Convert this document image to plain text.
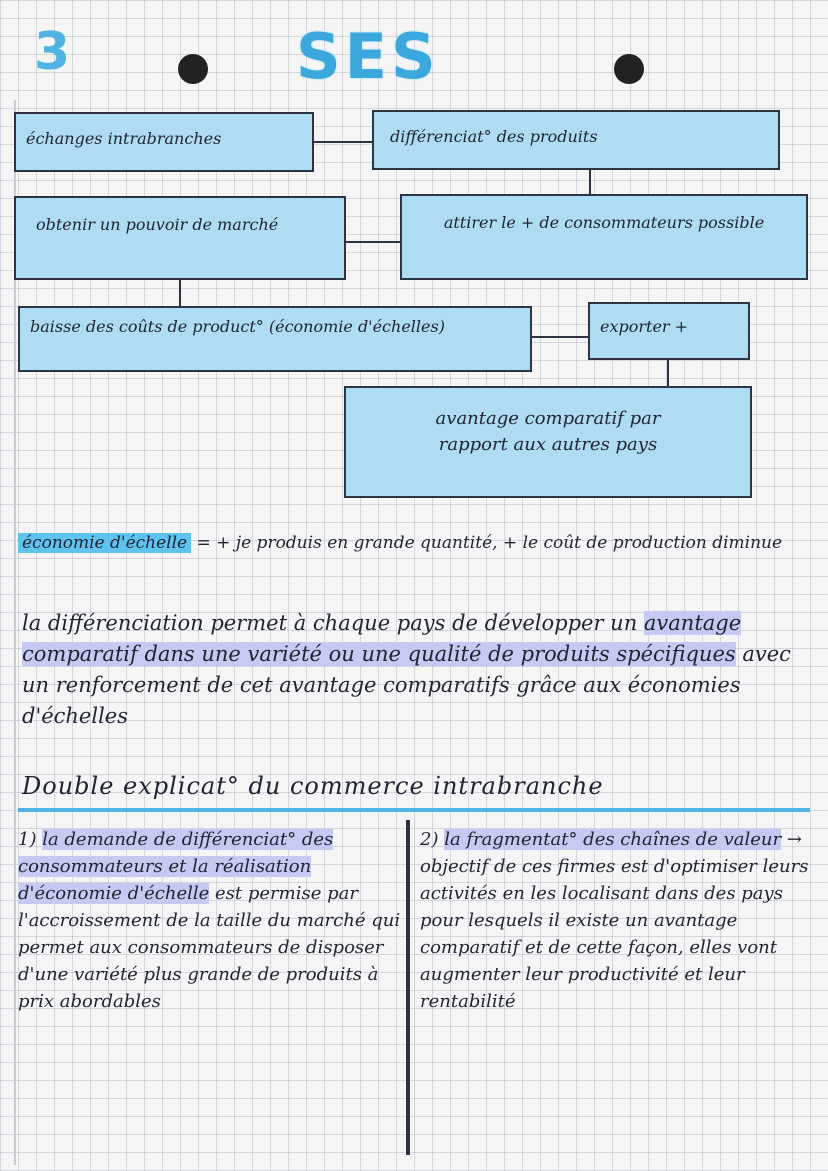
3	SES
échanges intrabranches	différenciat° des produits
obtenir un pouvoir de marché	attirer le + de consommateurs possible
baisse des coûts de product° (économie d'échelles)	exporter +
avantage comparatif par rapport aux autres pays
économie d'échelle = + je produis en grande quantité, + le coût de production diminue
la différenciation permet à chaque pays de développer un avantage comparatif dans une variété ou une qualité de produits spécifiques avec un renforcement de cet avantage comparatifs grâce aux économies d'échelles
Double explicat° du commerce intrabranche
1) la demande de différenciat° des consommateurs et la réalisation d'économie d'échelle est permise par l'accroissement de la taille du marché qui permet aux consommateurs de disposer d'une variété plus grande de produits à prix abordables
2) la fragmentat° des chaînes de valeur → objectif de ces firmes est d'optimiser leurs activités en les localisant dans des pays pour lesquels il existe un avantage comparatif et de cette façon, elles vont augmenter leur productivité et leur rentabilité
